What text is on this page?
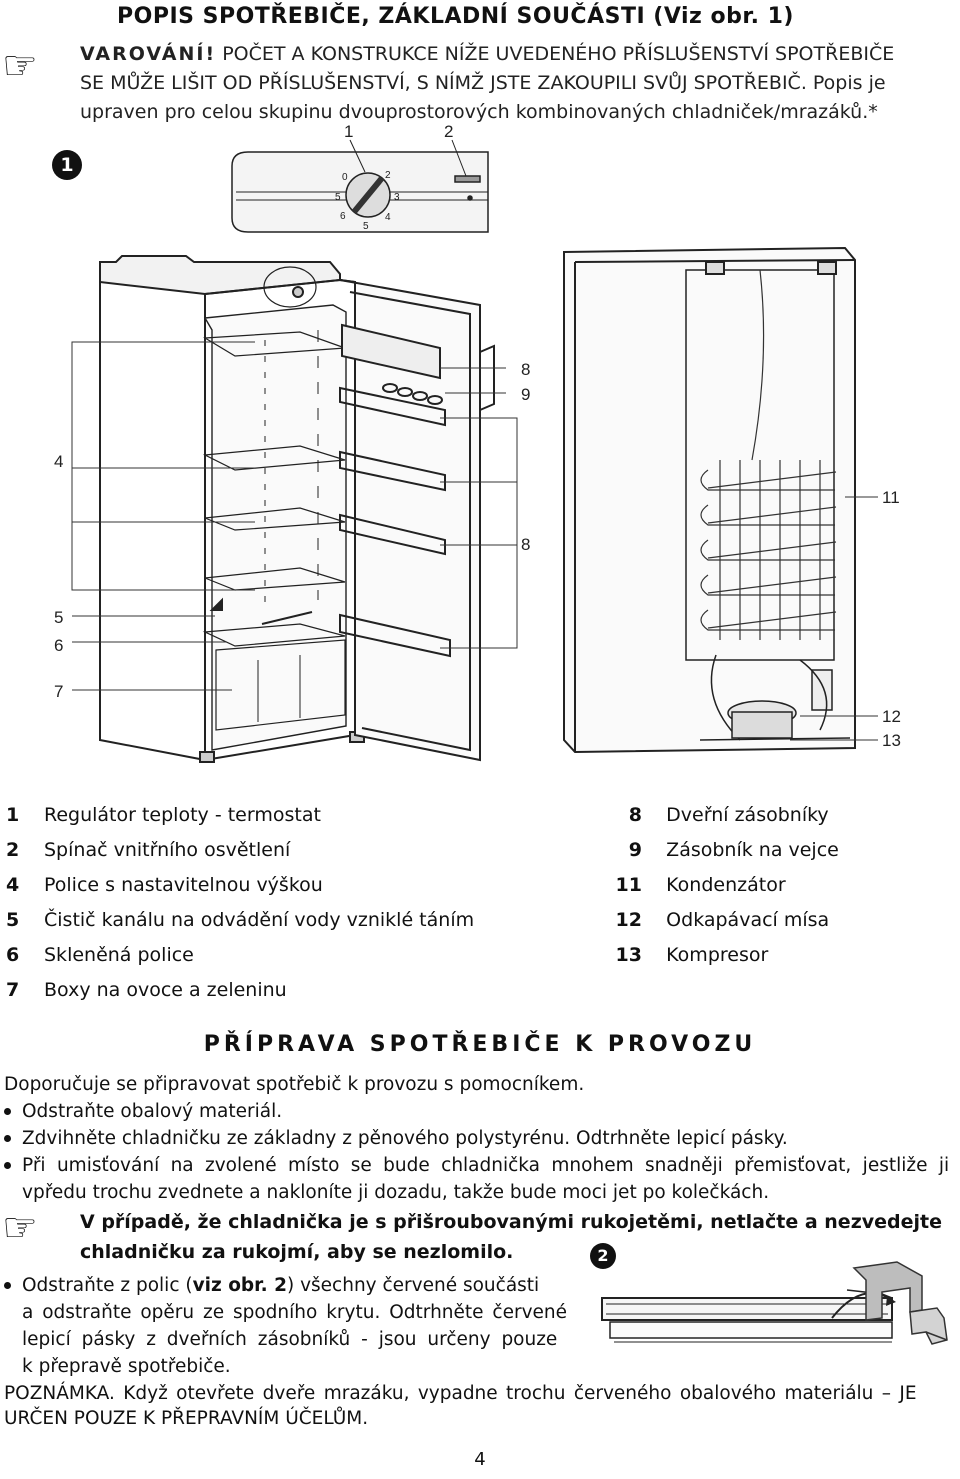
POPIS SPOTŘEBIČE, ZÁKLADNÍ SOUČÁSTI (Viz obr. 1)
☞ VAROVÁNÍ! POČET A KONSTRUKCE NÍŽE UVEDENÉHO PŘÍSLUŠENSTVÍ SPOTŘEBIČE
SE MŮŽE LIŠIT OD PŘÍSLUŠENSTVÍ, S NÍMŽ JSTE ZAKOUPILI SVŮJ SPOTŘEBIČ. Popis je
upraven pro celou skupinu dvouprostorových kombinovaných chladniček/mrazáků.*
1
0	2
3
4
5
6
5
1	2
4
5
6
7
8
9
8
11
12
13
1 Regulátor teploty - termostat
2 Spínač vnitřního osvětlení
4 Police s nastavitelnou výškou
5 Čistič kanálu na odvádění vody vzniklé táním
6 Skleněná police
7 Boxy na ovoce a zeleninu
8 Dveřní zásobníky
9 Zásobník na vejce
11 Kondenzátor
12 Odkapávací mísa
13 Kompresor
PŘÍPRAVA SPOTŘEBIČE K PROVOZU
Doporučuje se připravovat spotřebič k provozu s pomocníkem.
Odstraňte obalový materiál.
Zdvihněte chladničku ze základny z pěnového polystyrénu. Odtrhněte lepicí pásky.
Při umisťování na zvolené místo se bude chladnička mnohem snadněji přemisťovat, jestliže ji
vpředu trochu zvednete a nakloníte ji dozadu, takže bude moci jet po kolečkách.
☞ V případě, že chladnička je s přišroubovanými rukojetěmi, netlačte a nezvedejte
chladničku za rukojmí, aby se nezlomilo.	2
Odstraňte z polic (viz obr. 2) všechny červené součásti
a odstraňte opěru ze spodního krytu. Odtrhněte červené
lepicí pásky z dveřních zásobníků - jsou určeny pouze
k přepravě spotřebiče.
POZNÁMKA. Když otevřete dveře mrazáku, vypadne trochu červeného obalového materiálu – JE
URČEN POUZE K PŘEPRAVNÍM ÚČELŮM.
4
